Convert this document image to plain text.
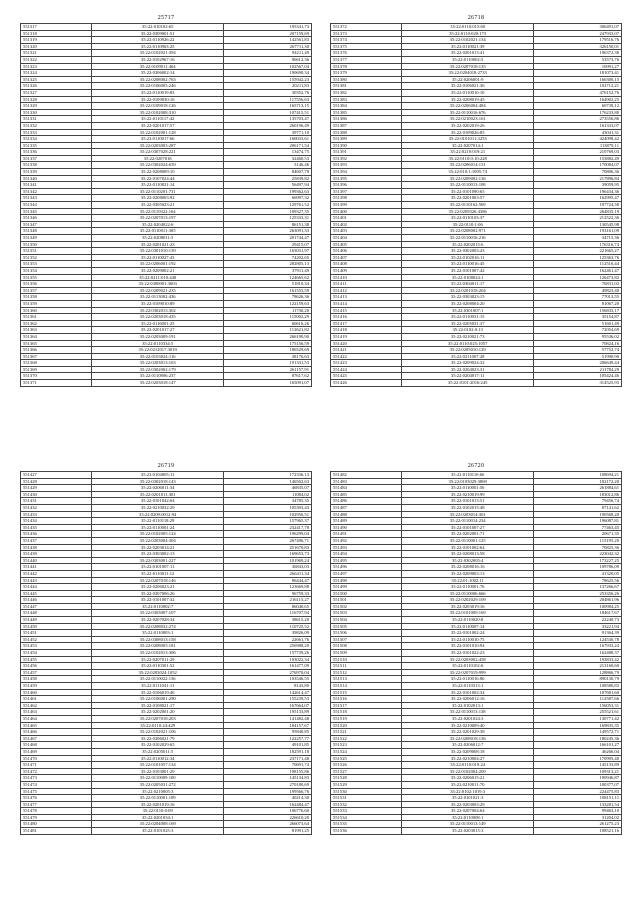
25717
551317	35:22:010102:65	195341,73
551318	35:22:0309001:51	207159,69
551319	35:22:0110926:22	142561,83
551320	35:22:0110963:25	267711,30
551321	35:22:0102021:394	94211,49
551322	35:22:0102967:16	96612,36
551323	35:22:0109011:464	102567,04
551324	35:22:0306002:14	190690,34
551325	35:22:0208002:763	155942,23
551326	35:22:0106005:246	20211,83
551327	35:22:0110019:83	30352,76
551328	35:22:0109030:16	117556,63
551329	35:22:0109018:126	165713,15
551330	35:22:0102008:310	107415,51
551331	35:22:0110117:42	135703,47
551332	35:22:0201017:57	260196,49
551333	35:22:0102001:128	39771,10
551334	35:22:0110017:66	160033,61
551335	35:22:0203003:287	206171,54
551336	35:22:0307028:221	13474,75
551337	35:22:0207018	32460,53
551338	35:22:0302024:639	3146,46
551339	35:22:0208009:10	84607,78
551340	35:22:0107024:44	25839,82
551341	35:22:0110821:14	56497,94
551342	35:22:0110201:731	199362,63
551343	35:22:0208003:92	66997,32
551344	35:22:0305023:21	129761,52
551345	35:22:0110322:164	109327,35
551346	35:22:0207013:197	125333,31
551347	35:22:0204022:6	86151,38
551348	35:22:0110011:305	263091,33
551349	35:22:0208011:5	201744,47
551350	35:22:0201021:23	29415,07
551351	35:22:0301010:139	163031,97
551352	35:22:0110027:43	74202,65
551353	35:22:0206001:192	282805,13
551354	35:22:0209002:21	37911,49
551355	35:22:0211:010:440	124665,62
551356	35:22:0300001:3603	51810,34
551357	35:22:0209021:235	161553,59
551358	35:22:0113002:436	78626,36
551359	35:22:0109010:89	122159,63
551360	35:22:0302013:302	11730,20
551361	35:22:0203018:435	115002,29
551362	35:22:0116001:25	60616,26
551363	35:22:0201017:27	112621,82
551364	35:22:0203009:191	266190,90
551365	35:22:0110334:5	175156,59
551366	35:22:0212017:3019	186529,69
551367	35:22:0103024:116	38176,63
551368	35:22:0203013:163	191331,53
551369	35:22:0302002:179	261157,91
551370	35:22:0110806:237	87617,62
551371	35:22:0203018:147	165091,07
26718
551372	35:22:0110:015:60	306491,07
551373	35:22:0110:020:173	247933,07
551374	35:22:0102021:134	179516,76
551375	35:22:0110021:39	326150,01
551376	35:22:0201013:41	196372,38
551377	35:22:0110002:5	53573,76
551378	35:22:0207018:135	16991,27
551379	35:22:0204018:2733	181073,41
551380	35:22:0206001:9	166300,15
551381	35:22:0106021:36	102712,21
551382	35:22:0110010:10	470152,76
551383	35:22:0208019:45	164902,25
551384	35:22:0206004:484	60739,12
551385	35:22:0110016:676	176233,80
551386	35:22:0210023:161	273556,86
551387	35:22:0202019:26	161333,07
551388	35:22:0109026:85	43041,31
551389	35:22:0101011:3253	424098,42
551390	35:22:0207014:1	113879,11
551391	35:22:0210:019:21	210769,03
551392	35:22:0110:0:10:228	153882,49
551393	35:22:0206014:131	170084,07
551394	35:22:010:1:1005:74	70806,36
551395	35:22:0209002:136	217896,84
551396	35:22:0110013:108	39059,95
551397	35:22:0101090:65	196434,36
551398	35:22:0201003:57	162995,47
551399	35:22:0110162:569	197724,58
551400	35:22:0205026:4386	264835,19
551401	35:22:0110103:37	212522,36
551402	35:22:0110:1:06	130545,98
551403	35:22:0208002:971	193161,09
551404	35:22:0110016:216	34715,36
551405	35:22:0202015:6	176316,74
551406	35:22:0302003:43	221665,27
551407	35:22:0102016:11	125363,76
551408	35:22:0110016:45	112516,44
551409	35:22:0101087:42	162461,47
551410	35:22:0108024:1	126473,82
551411	35:22:0304011:17	76831,02
551412	35:22:0201018:204	49823,40
551413	35:22:0303023:15	77013,55
551414	35:22:0208004:20	81067,20
551415	35:22:0301007:1	156833,17
551416	35:22:0110031:15	35154,87
551417	35:22:0205031:37	51601,49
551418	35:22:0102:0:13	72054,69
551419	35:22:0210021:73	95536,02
551420	35:22:0110:025:1057	70824,16
551421	35:22:0205010:129	57752,74
551422	35:22:0211007:28	51990,90
551423	35:22:0209024:32	206649,44
551424	35:22:0204023:31	211784,29
551425	35:22:0204017:11	105424,46
551426	35:22:0101:2016:245	314525,93
26719
551427	35:22:0104005:11	172336,13
551428	35:22:0302018:143	146502,63
551429	35:22:0206011:34	46835,07
551430	35:22:0201011:301	11084,02
551431	35:22:0101042:64	34785,35
551432	35:22:0210032:29	105303,43
551433	35:22:0209:0012:94	102956,51
551434	35:22:0110118:29	157965,37
551435	35:22:0110001:24	232417,78
551436	35:22:0102005:124	196299,04
551437	35:22:0203004:304	267496,71
551438	35:22:0203014:21	251670,83
551439	35:22:0303002:13	169653,73
551440	35:22:0303001:227	101969,24
551441	35:22:0101007:11	36843,03
551442	35:22:0110011:12	266411,34
551443	35:22:0207018:146	86444,47
551444	35:22:0206023:21	123669,88
551445	35:22:0307006:26	96759,33
551446	35:22:0101007:32	216115,27
551447	35:22:0110002:7	86040,65
551448	35:22:0303007:107	116707,94
551449	35:22:0207028:34	38615,20
551450	35:22:0208032:274	110725,52
551451	35:22:0110003:1	39826,09
551452	35:22:0308013:158	22661,76
551453	35:22:0208005:181	256988,20
551454	35:22:0102013:306	157739,26
551455	35:22:0207011:29	103022,34
551456	35:22:0110301:52	161477,09
551457	35:22:0203024:1052	276970,04
551458	35:22:0110022:136	103546,55
551459	35:22:0111041:11	8143,80
551460	35:22:0106019:46	142614,47
551461	35:22:0106001:290	155239,53
551462	35:22:0108021:17	167664,07
551463	35:22:0202001:20	195133,89
551464	35:22:0207018:203	141482,48
551465	35:22:0110:24:429	184157,67
551466	35:22:0102021:106	95840,85
551467	35:22:0306021:79	122257,77
551468	35:22:0102029:65	49101,85
551469	35:22:0205011:5	182591,18
551470	35:22:0110012:34	237171,48
551471	35:22:0101057:134	70691,74
551472	35:22:0103001:29	198155,86
551473	35:22:0110009:100	145134,83
551474	35:22:0205031:272	270180,69
551475	35:22:0210005:3	199566,76
551476	35:22:0110001:109	40214,30
551477	35:22:0201019:16	162484,47
551478	35:22:0110:0:09	106776,60
551479	35:22:0201034:1	226610,20
551480	35:22:0204008:169	266073,64
551481	35:22:0101025:3	81991,25
26720
551482	35:22:0110110:66	108694,21
551483	35:22:0103029:3869	102172,20
551484	35:22:0110001:56	261884,61
551485	35:22:0210019:99	183012,86
551486	35:22:0101013:51	79456,74
551487	35:22:0102015:48	87141,62
551488	35:22:0203014:301	190568,20
551489	35:22:0110014:234	196087,81
551490	35:22:0101007:27	77463,45
551491	35:22:0202001:71	20671,35
551492	35:22:0110001:125	115195,20
551493	35:22:0101002:64	70825,36
551494	35:22:0208013:58	223042,32
551495	35:22:0302005:4	173227,25
551496	35:22:0208016:16	109786,09
551497	35:22:0209003:13	41320,05
551498	35:22:01:1002:11	78625,56
551499	35:22:0110001:76	137266,67
551500	35:22:0110006:666	253356,26
551501	35:22:0202029:109	204861,96
551502	35:22:0203019:16	100984,25
551503	35:22:0101009:169	184617,67
551504	35:22:0110020:8	22240,73
551505	35:22:0110007:14	33221,94
551506	35:22:0101002:24	91364,39
551507	35:22:0110010:75	124530,78
551508	35:22:0101010:94	167933,24
551509	35:22:0101022:23	162488,37
551510	35:22:0203002:458	193833,42
551511	35:22:0110102:6	213160,60
551512	35:22:0207019:999	128866,79
551513	35:22:0110016:86	890130,79
551514	35:22:0110313:1	108580,83
551515	35:22:0101002:34	107681,60
551516	35:22:0206012:16	112587,66
551517	35:22:0102013:1	156053,31
551518	35:22:0110013:138	255521,61
551519	35:22:0201024:3	130771,42
551520	35:22:0210009:40	169835,35
551521	35:22:0201029:38	149572,71
551522	35:22:0208018:136	180245,36
551523	35:22:0206012:7	166101,27
551524	35:22:0209008:18	46266,04
551525	35:22:0210004:27	170995,40
551526	35:22:0110:019:24	145133,89
551527	35:22:0102004:209	109313,21
551528	35:22:0206015:21	190946,87
551529	35:22:0210011:70	100377,07
551530	35:22:0102:1019:3	224475,83
551531	35:22:0101021:3	108151,11
551532	35:22:0203003:29	133281,54
551533	35:22:0207004:64	99463,10
551534	35:22:0110008:1	31204,02
551535	35:22:0110013:149	261275,23
551536	35:22:0203015:3	108521,16
